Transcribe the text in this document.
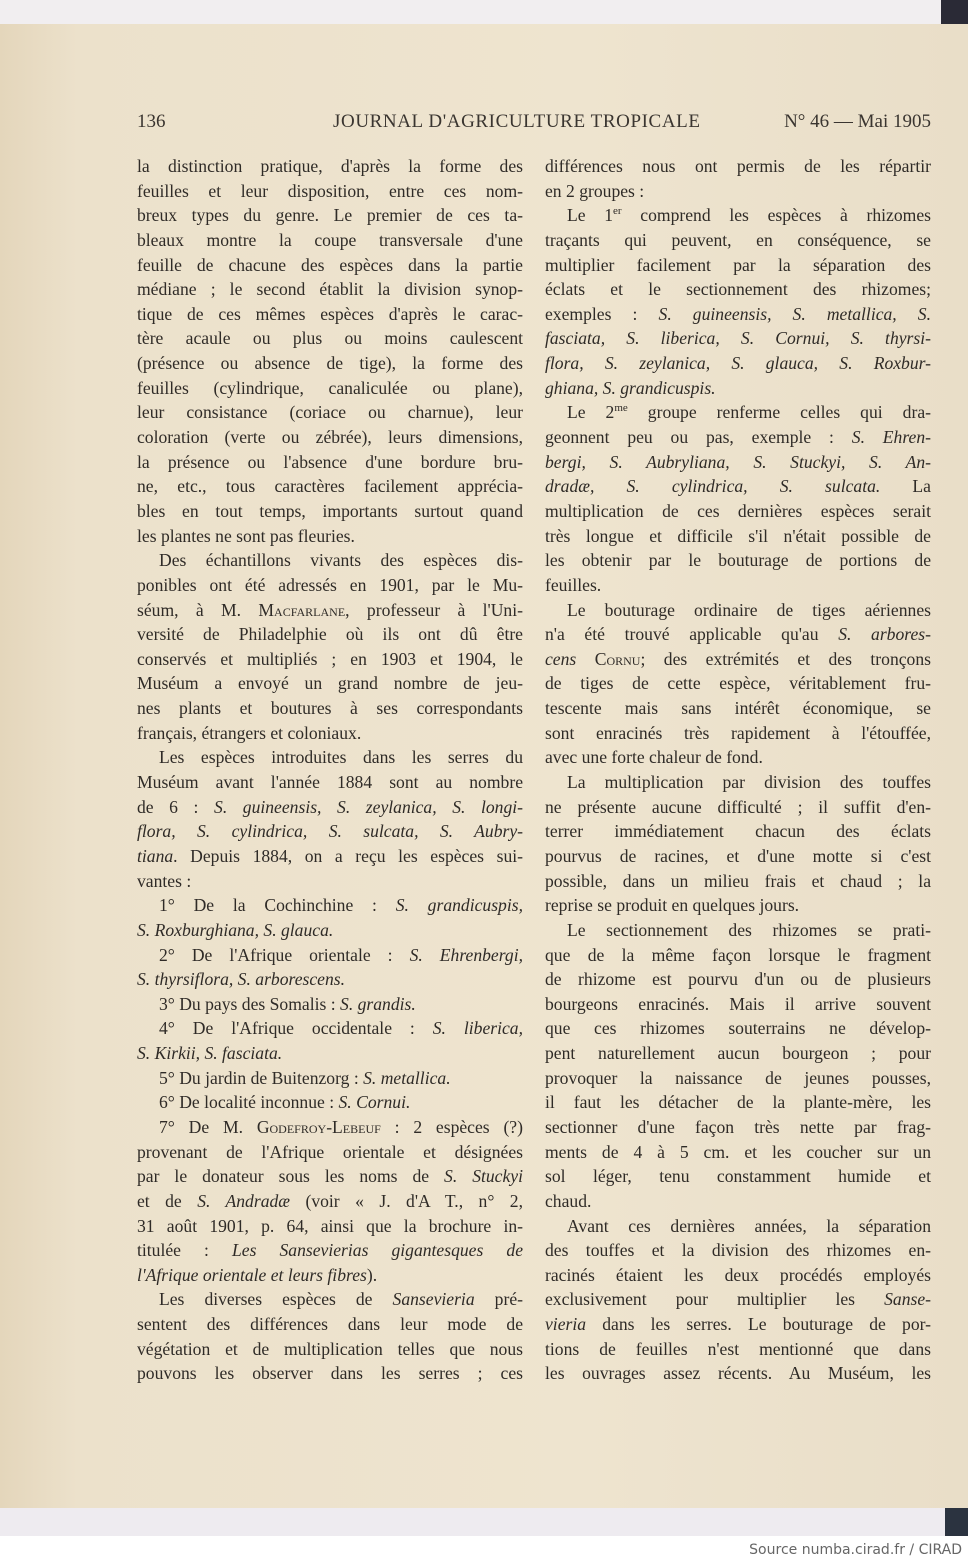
136	JOURNAL D'AGRICULTURE TROPICALE	N° 46 — Mai 1905
la distinction pratique, d'après la forme des
feuilles et leur disposition, entre ces nom-
breux types du genre. Le premier de ces ta-
bleaux montre la coupe transversale d'une
feuille de chacune des espèces dans la partie
médiane ; le second établit la division synop-
tique de ces mêmes espèces d'après le carac-
tère acaule ou plus ou moins caulescent
(présence ou absence de tige), la forme des
feuilles (cylindrique, canaliculée ou plane),
leur consistance (coriace ou charnue), leur
coloration (verte ou zébrée), leurs dimensions,
la présence ou l'absence d'une bordure bru-
ne, etc., tous caractères facilement apprécia-
bles en tout temps, importants surtout quand
les plantes ne sont pas fleuries.
Des échantillons vivants des espèces dis-
ponibles ont été adressés en 1901, par le Mu-
séum, à M. Macfarlane, professeur à l'Uni-
versité de Philadelphie où ils ont dû être
conservés et multipliés ; en 1903 et 1904, le
Muséum a envoyé un grand nombre de jeu-
nes plants et boutures à ses correspondants
français, étrangers et coloniaux.
Les espèces introduites dans les serres du
Muséum avant l'année 1884 sont au nombre
de 6 : S. guineensis, S. zeylanica, S. longi-
flora, S. cylindrica, S. sulcata, S. Aubry-
tiana. Depuis 1884, on a reçu les espèces sui-
vantes :
1° De la Cochinchine : S. grandicuspis,
S. Roxburghiana, S. glauca.
2° De l'Afrique orientale : S. Ehrenbergi,
S. thyrsiflora, S. arborescens.
3° Du pays des Somalis : S. grandis.
4° De l'Afrique occidentale : S. liberica,
S. Kirkii, S. fasciata.
5° Du jardin de Buitenzorg : S. metallica.
6° De localité inconnue : S. Cornui.
7° De M. Godefroy-Lebeuf : 2 espèces (?)
provenant de l'Afrique orientale et désignées
par le donateur sous les noms de S. Stuckyi
et de S. Andradæ (voir « J. d'A T., n° 2,
31 août 1901, p. 64, ainsi que la brochure in-
titulée : Les Sansevierias gigantesques de
l'Afrique orientale et leurs fibres).
Les diverses espèces de Sansevieria pré-
sentent des différences dans leur mode de
végétation et de multiplication telles que nous
pouvons les observer dans les serres ; ces
différences nous ont permis de les répartir
en 2 groupes :
Le 1er comprend les espèces à rhizomes
traçants qui peuvent, en conséquence, se
multiplier facilement par la séparation des
éclats et le sectionnement des rhizomes;
exemples : S. guineensis, S. metallica, S.
fasciata, S. liberica, S. Cornui, S. thyrsi-
flora, S. zeylanica, S. glauca, S. Roxbur-
ghiana, S. grandicuspis.
Le $2^{me}$ groupe renferme celles qui dra-
geonnent peu ou pas, exemple : S. Ehren-
bergi, S. Aubryliana, S. Stuckyi, S. An-
dradæ, S. cylindrica, S. sulcata. La
multiplication de ces dernières espèces serait
très longue et difficile s'il n'était possible de
les obtenir par le bouturage de portions de
feuilles.
Le bouturage ordinaire de tiges aériennes
n'a été trouvé applicable qu'au S. arbores-
cens Cornu; des extrémités et des tronçons
de tiges de cette espèce, véritablement fru-
tescente mais sans intérêt économique, se
sont enracinés très rapidement à l'étouffée,
avec une forte chaleur de fond.
La multiplication par division des touffes
ne présente aucune difficulté ; il suffit d'en-
terrer immédiatement chacun des éclats
pourvus de racines, et d'une motte si c'est
possible, dans un milieu frais et chaud ; la
reprise se produit en quelques jours.
Le sectionnement des rhizomes se prati-
que de la même façon lorsque le fragment
de rhizome est pourvu d'un ou de plusieurs
bourgeons enracinés. Mais il arrive souvent
que ces rhizomes souterrains ne dévelop-
pent naturellement aucun bourgeon ; pour
provoquer la naissance de jeunes pousses,
il faut les détacher de la plante-mère, les
sectionner d'une façon très nette par frag-
ments de 4 à 5 cm. et les coucher sur un
sol léger, tenu constamment humide et
chaud.
Avant ces dernières années, la séparation
des touffes et la division des rhizomes en-
racinés étaient les deux procédés employés
exclusivement pour multiplier les Sanse-
vieria dans les serres. Le bouturage de por-
tions de feuilles n'est mentionné que dans
les ouvrages assez récents. Au Muséum, les
Source numba.cirad.fr / CIRAD
